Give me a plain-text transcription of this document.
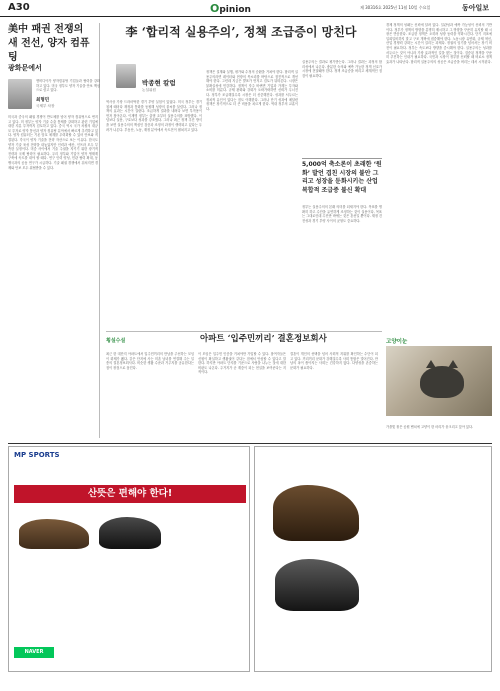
A30	Opinion	제 30316호 2025년 11월 10일 수요일	동아일보
美中 패권 전쟁의
새 전선, 양자 컴퓨팅
광화문에서
엔비디아가 양자컴퓨팅 기업들과 협력을 강화하고 있다. 미국 정부도 양자 기술을 안보 핵심으로 삼고 있다.
최형민
국제부 차장
미국과 중국의 패권 경쟁이 반도체를 넘어 양자 컴퓨팅으로 번지고 있다. 미 정부는 양자 기술 수출 통제를 강화하고 관련 기업에 대한 지분 투자까지 검토하고 있다. 중국 역시 국가 차원의 대규모 투자로 양자 통신과 양자 컴퓨팅 분야에서 빠르게 추격하고 있다. 양자 컴퓨터는 기존 암호 체계를 무력화할 수 있어 안보와 직결된다. 각국이 양자 기술을 전략 자산으로 보는 이유다. 한국도 양자 기술 육성 전략을 내놓았지만 인력과 예산, 인프라 모두 부족한 실정이다. 미중 사이에서 기술 주권을 지키기 위한 장기적 전략과 국제 협력이 필요하다. 우리 정부와 기업이 양자 생태계 구축에 속도를 내야 할 때다. 연구 인력 양성, 민관 협력 확대, 동맹국과의 공동 연구가 시급하다. 기술 패권 경쟁에서 뒤처지면 경제와 안보 모두 위협받을 수 있다.
李 ‘합리적 실용주의’, 정책 조급증이 망친다
박종현 칼럼
논설위원
역사상 가장 드라마틱한 경기 부양 실험이 있었다. 미국 정부는 경기 침체 때마다 재정과 통화를 동원해 성장의 불씨를 살렸다. 그러나 정책의 효과는 시간이 걸린다. 조급하게 결과를 내려다 보면 부작용이 먼저 찾아온다. 이재명 정부는 출범 초부터 실용주의를 표방했다. 이념보다 실용, 구호보다 성과를 강조했다. 그러나 최근 정책 추진 방식을 보면 실용주의의 핵심인 검증과 조정의 과정이 생략되고 있다는 우려가 나온다. 부동산, 노동, 재정 분야에서 속도전이 펼쳐지고 있다.
정책은 설계와 실행, 평가와 수정의 순환을 거쳐야 한다. 합리적 실용주의라면 데이터와 현장의 목소리를 바탕으로 점진적으로 개선해야 한다. 그런데 지금은 발표가 먼저고 검토가 뒤따른다. 시장은 불확실성에 민감하다. 정책이 자주 바뀌면 기업과 가계는 투자와 소비를 미룬다. 규제 완화와 강화가 오락가락하면 신뢰가 무너진다. 정부가 조급해질수록 시장은 더 신중해진다. 성과를 서두르는 정치적 유인이 있다는 점도 이해한다. 그러나 단기 성과에 매달린 정책은 장기적으로 더 큰 비용을 치르게 한다. 역대 정부의 교훈이다.
실용주의는 결과로 평가받는다. 그러나 결과는 과정의 합리성에서 나온다. 충분한 숙의와 예측 가능한 정책 신호가 시장에 전달돼야 한다. 정책 조급증을 버리고 체계적인 점검이 필요하다.
5,000억 축소론이 초래한 ‘원화’ 발언 겹친 시장의 불안 그리고 성장을 둔화시키는 산업 복합적 조급증 불신 확대
정부는 실용주의의 본래 의미를 되새겨야 한다. 목표를 명확히 하고 수단을 유연하게 조정하는 것이 실용이다. 목표는 그대로인데 수단만 바뀌는 것은 혼선일 뿐이다. 재정 건전성과 경기 부양 사이의 균형도 중요하다.
경제 정책의 성패는 신뢰에 달려 있다. 일관성과 예측 가능성이 신뢰의 기반이다. 정부가 정책의 방향을 분명히 제시하고 그 방향을 꾸준히 유지할 때 시장은 반응한다. 조급한 정책은 오히려 성장 동력을 약화시킨다. 단기 지표에 일희일비하지 말고 구조 개혁에 집중해야 한다. 노동시장 유연화, 규제 혁신, 산업 경쟁력 강화는 시간이 걸리는 과제다. 정권의 임기를 넘어서는 장기 비전이 필요하다. 정부는 속도보다 방향을 중시해야 한다. 실용주의는 성과를 서두르는 것이 아니라 가장 효과적인 길을 찾는 것이다. 검증된 정책을 꾸준히 추진하는 인내가 필요하다. 국민과 시장이 정부를 신뢰할 때 비로소 정책 효과가 나타난다. 합리적 실용주의의 성공은 조급증을 버리는 데서 시작된다.
횡설수설	아파트 ‘입주민끼리’ 결혼정보회사
최근 한 대단지 아파트에서 입주민끼리의 만남을 주선하는 모임이 화제가 됐다. 같은 단지에 사는 미혼 남녀를 연결해 주는 일종의 결혼정보회사다. 비슷한 생활 수준과 거주지를 공유한다는 점이 장점으로 꼽힌다.
이 모임은 입주민 인증을 거쳐야만 가입할 수 있다. 참여자들은 신원이 확실하고 생활권이 같다는 점에서 안심할 수 있다고 말한다. 하지만 아파트 단지를 기준으로 사람을 나누는 것에 대한 비판도 나온다. 주거지가 곧 계층이 되는 현실을 보여준다는 지적이다.
결혼이 개인의 선택을 넘어 사회적 지위를 확인하는 수단이 되고 있다. 끼리끼리 문화가 강해질수록 사회 통합은 멀어진다. 만남의 폭이 좁아지는 사회는 건강하지 않다. 다양성을 존중하는 문화가 필요하다.
고양이눈
가을빛 짙은 공원 벤치에 고양이 한 마리가 웅크리고 앉아 있다.
MP SPORTS
산뜻은 편해야 한다!
NAVER
